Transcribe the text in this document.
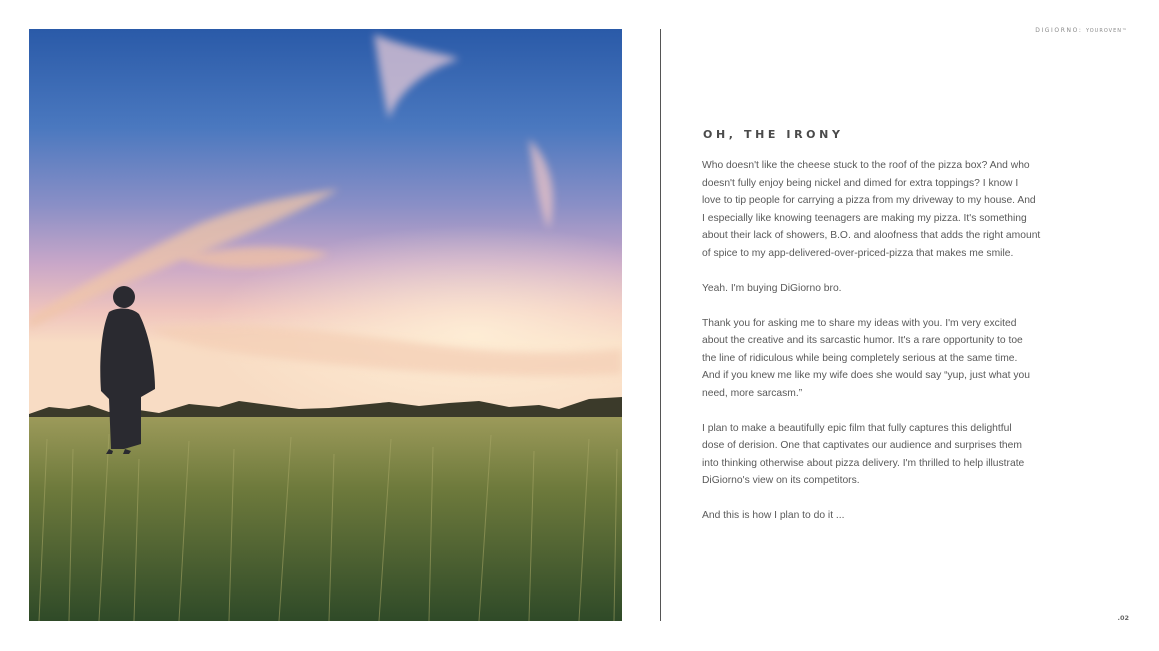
DIGIORNO: YOUROVEN™
OH, THE IRONY

Who doesn't like the cheese stuck to the roof of the pizza box? And who
doesn't fully enjoy being nickel and dimed for extra toppings? I know I
love to tip people for carrying a pizza from my driveway to my house. And
I especially like knowing teenagers are making my pizza. It's something
about their lack of showers, B.O. and aloofness that adds the right amount
of spice to my app-delivered-over-priced-pizza that makes me smile.

Yeah. I'm buying DiGiorno bro.

Thank you for asking me to share my ideas with you. I'm very excited
about the creative and its sarcastic humor. It's a rare opportunity to toe
the line of ridiculous while being completely serious at the same time.
And if you knew me like my wife does she would say “yup, just what you
need, more sarcasm.”

I plan to make a beautifully epic film that fully captures this delightful
dose of derision. One that captivates our audience and surprises them
into thinking otherwise about pizza delivery. I'm thrilled to help illustrate
DiGiorno's view on its competitors.

And this is how I plan to do it ...

.02
